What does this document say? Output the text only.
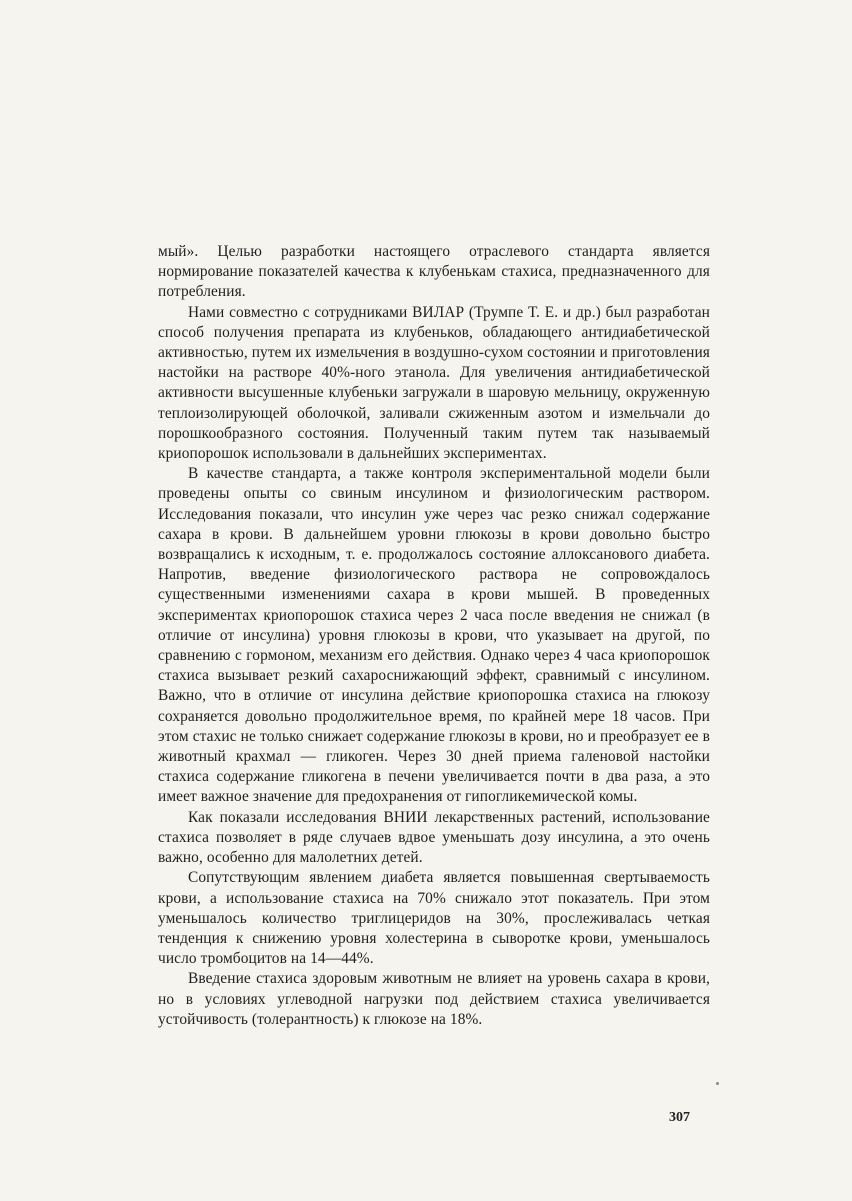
мый». Целью разработки настоящего отраслевого стандарта является нормирование показателей качества к клубенькам стахиса, предназначенного для потребления.

Нами совместно с сотрудниками ВИЛАР (Трумпе Т. Е. и др.) был разработан способ получения препарата из клубеньков, обладающего антидиабетической активностью, путем их измельчения в воздушно-сухом состоянии и приготовления настойки на растворе 40%-ного этанола. Для увеличения антидиабетической активности высушенные клубеньки загружали в шаровую мельницу, окруженную теплоизолирующей оболочкой, заливали сжиженным азотом и измельчали до порошкообразного состояния. Полученный таким путем так называемый криопорошок использовали в дальнейших экспериментах.

В качестве стандарта, а также контроля экспериментальной модели были проведены опыты со свиным инсулином и физиологическим раствором. Исследования показали, что инсулин уже через час резко снижал содержание сахара в крови. В дальнейшем уровни глюкозы в крови довольно быстро возвращались к исходным, т. е. продолжалось состояние аллоксанового диабета. Напротив, введение физиологического раствора не сопровождалось существенными изменениями сахара в крови мышей. В проведенных экспериментах криопорошок стахиса через 2 часа после введения не снижал (в отличие от инсулина) уровня глюкозы в крови, что указывает на другой, по сравнению с гормоном, механизм его действия. Однако через 4 часа криопорошок стахиса вызывает резкий сахароснижающий эффект, сравнимый с инсулином. Важно, что в отличие от инсулина действие криопорошка стахиса на глюкозу сохраняется довольно продолжительное время, по крайней мере 18 часов. При этом стахис не только снижает содержание глюкозы в крови, но и преобразует ее в животный крахмал — гликоген. Через 30 дней приема галеновой настойки стахиса содержание гликогена в печени увеличивается почти в два раза, а это имеет важное значение для предохранения от гипогликемической комы.

Как показали исследования ВНИИ лекарственных растений, использование стахиса позволяет в ряде случаев вдвое уменьшать дозу инсулина, а это очень важно, особенно для малолетних детей.

Сопутствующим явлением диабета является повышенная свертываемость крови, а использование стахиса на 70% снижало этот показатель. При этом уменьшалось количество триглицеридов на 30%, прослеживалась четкая тенденция к снижению уровня холестерина в сыворотке крови, уменьшалось число тромбоцитов на 14—44%.

Введение стахиса здоровым животным не влияет на уровень сахара в крови, но в условиях углеводной нагрузки под действием стахиса увеличивается устойчивость (толерантность) к глюкозе на 18%.

307
